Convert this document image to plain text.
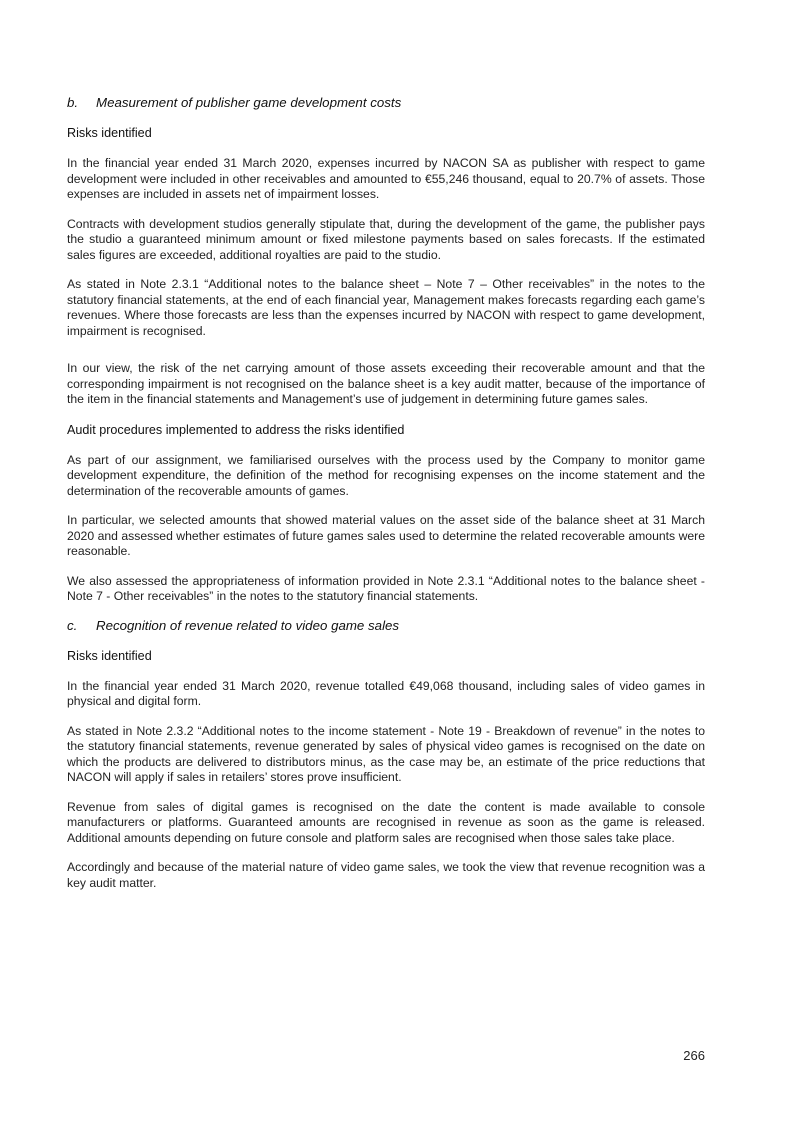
b.	Measurement of publisher game development costs
Risks identified

In the financial year ended 31 March 2020, expenses incurred by NACON SA as publisher with respect to game development were included in other receivables and amounted to €55,246 thousand, equal to 20.7% of assets. Those expenses are included in assets net of impairment losses.

Contracts with development studios generally stipulate that, during the development of the game, the publisher pays the studio a guaranteed minimum amount or fixed milestone payments based on sales forecasts. If the estimated sales figures are exceeded, additional royalties are paid to the studio.

As stated in Note 2.3.1 “Additional notes to the balance sheet – Note 7 – Other receivables” in the notes to the statutory financial statements, at the end of each financial year, Management makes forecasts regarding each game’s revenues. Where those forecasts are less than the expenses incurred by NACON with respect to game development, impairment is recognised.

In our view, the risk of the net carrying amount of those assets exceeding their recoverable amount and that the corresponding impairment is not recognised on the balance sheet is a key audit matter, because of the importance of the item in the financial statements and Management’s use of judgement in determining future games sales.

Audit procedures implemented to address the risks identified

As part of our assignment, we familiarised ourselves with the process used by the Company to monitor game development expenditure, the definition of the method for recognising expenses on the income statement and the determination of the recoverable amounts of games.

In particular, we selected amounts that showed material values on the asset side of the balance sheet at 31 March 2020 and assessed whether estimates of future games sales used to determine the related recoverable amounts were reasonable.

We also assessed the appropriateness of information provided in Note 2.3.1 “Additional notes to the balance sheet - Note 7 - Other receivables” in the notes to the statutory financial statements.

c.	Recognition of revenue related to video game sales
Risks identified

In the financial year ended 31 March 2020, revenue totalled €49,068 thousand, including sales of video games in physical and digital form.

As stated in Note 2.3.2 “Additional notes to the income statement - Note 19 - Breakdown of revenue” in the notes to the statutory financial statements, revenue generated by sales of physical video games is recognised on the date on which the products are delivered to distributors minus, as the case may be, an estimate of the price reductions that NACON will apply if sales in retailers’ stores prove insufficient.

Revenue from sales of digital games is recognised on the date the content is made available to console manufacturers or platforms. Guaranteed amounts are recognised in revenue as soon as the game is released. Additional amounts depending on future console and platform sales are recognised when those sales take place.

Accordingly and because of the material nature of video game sales, we took the view that revenue recognition was a key audit matter.

266
